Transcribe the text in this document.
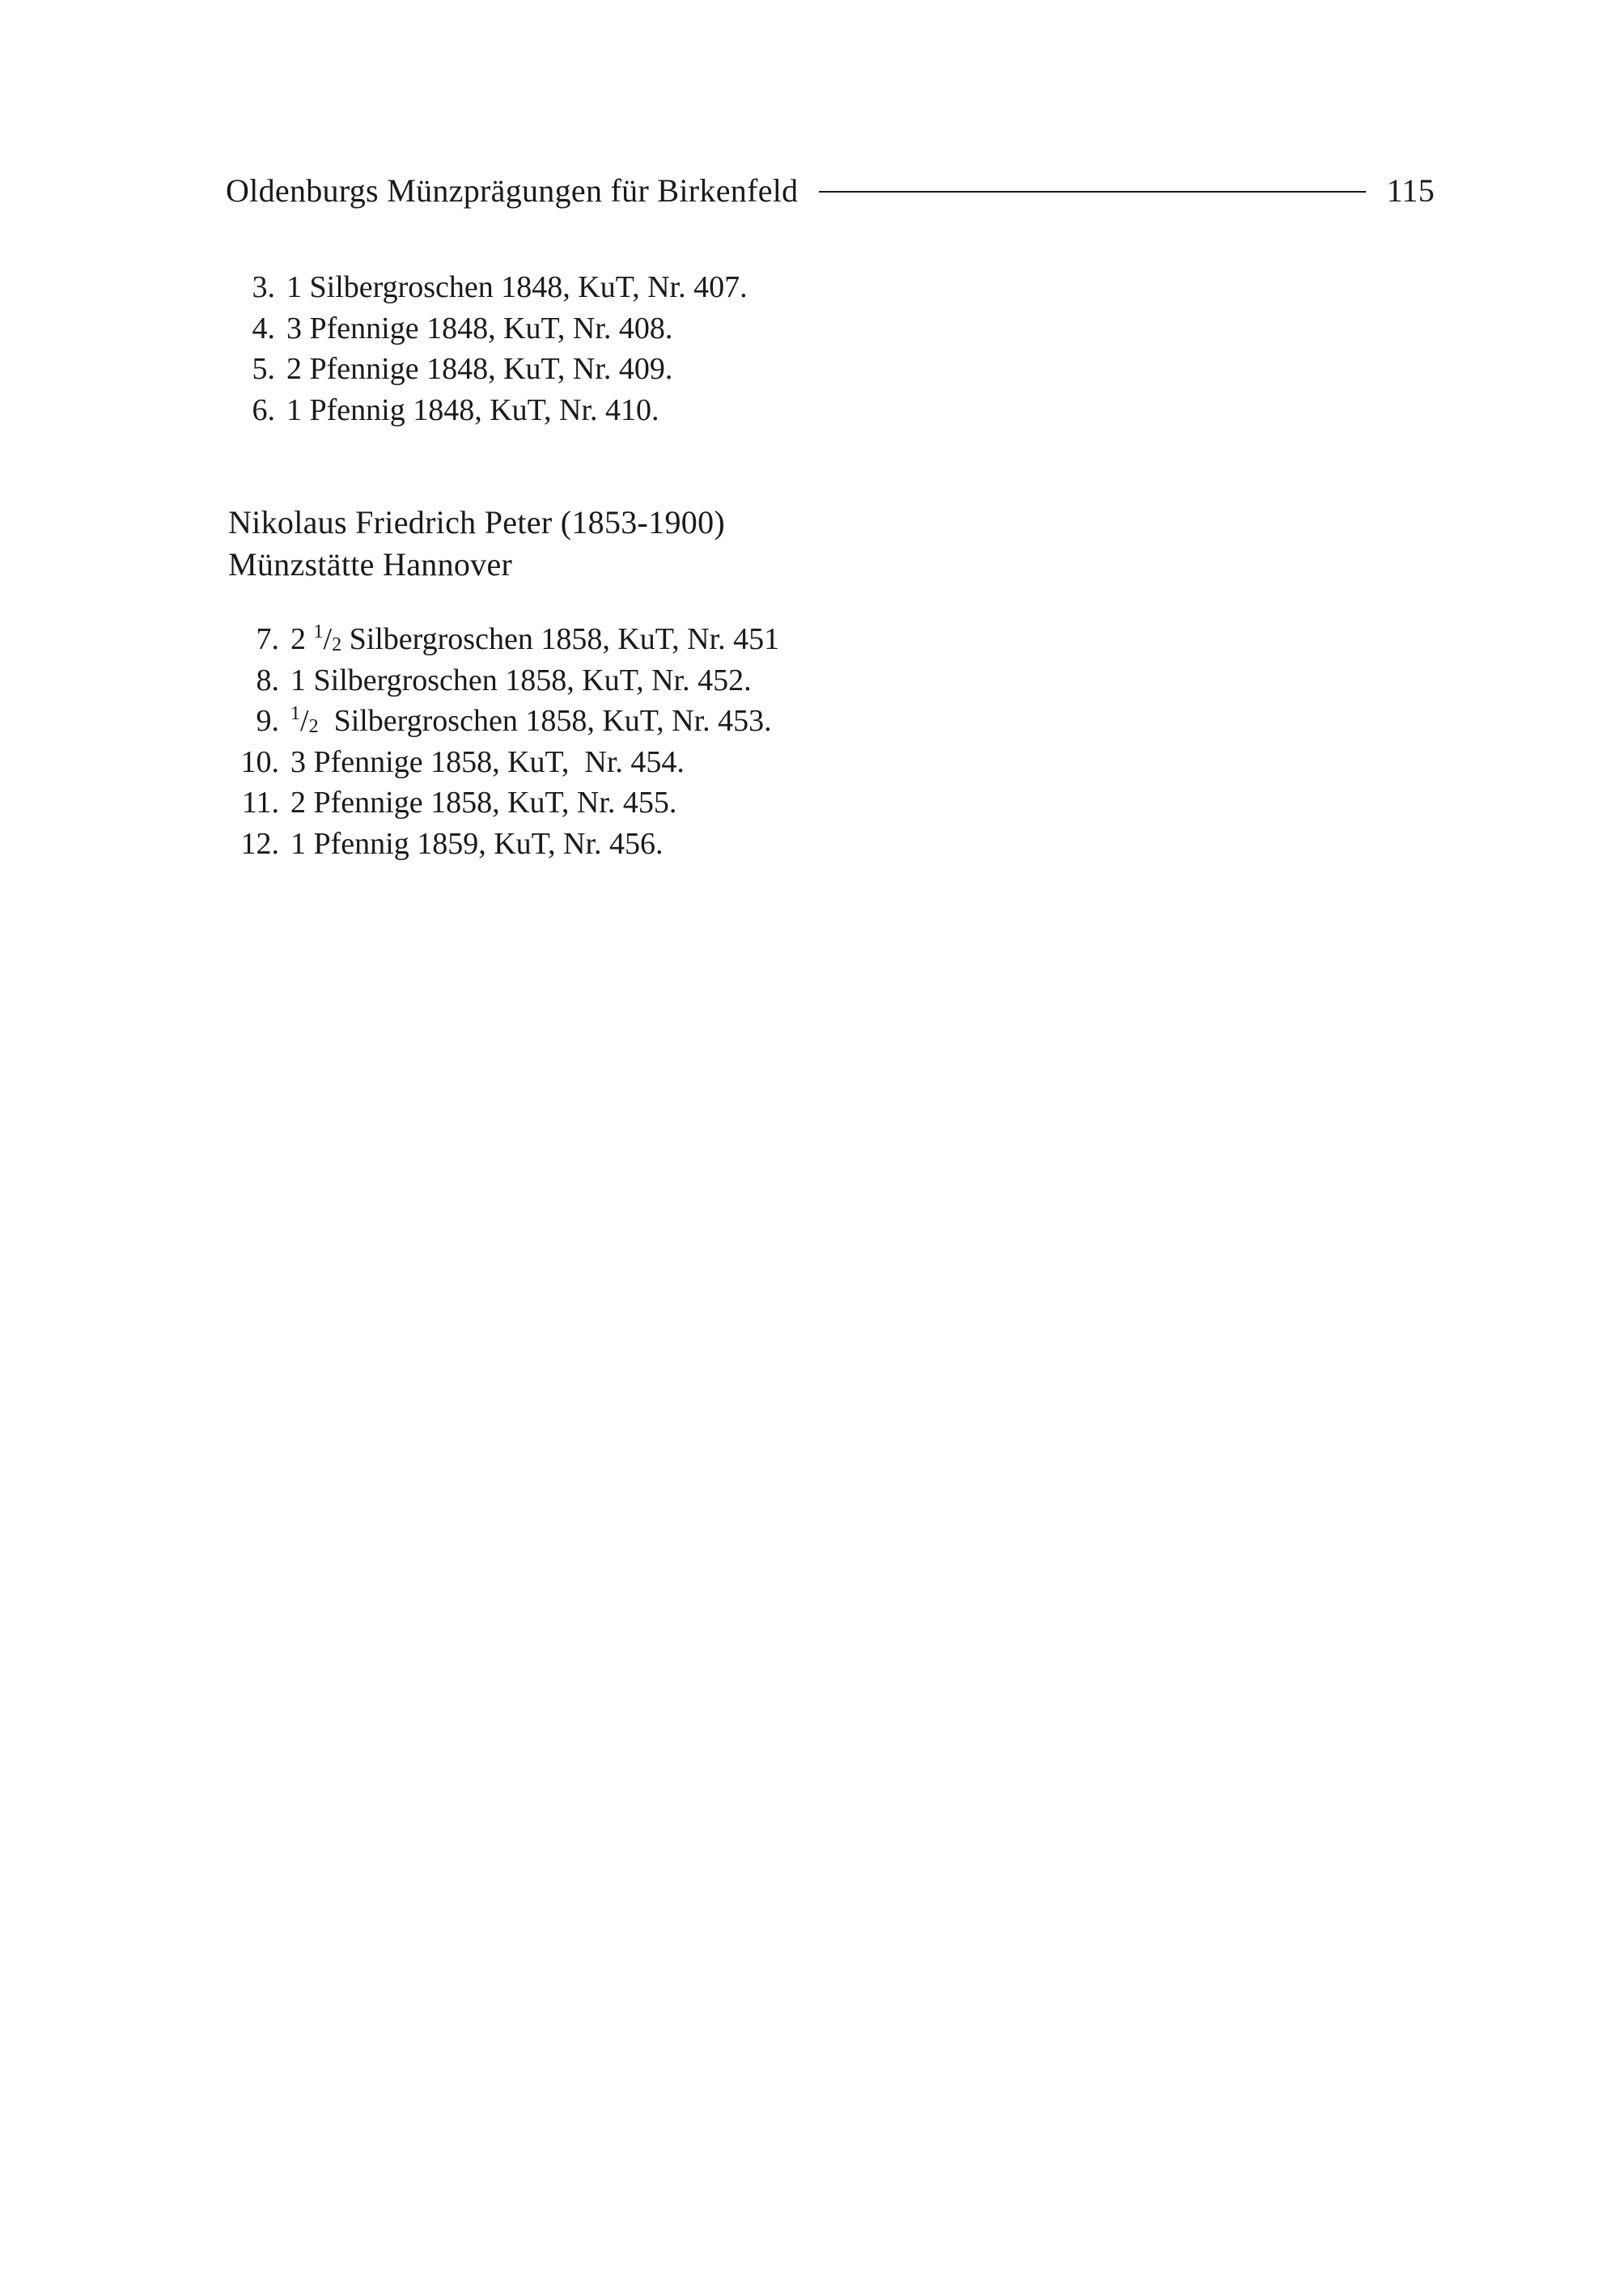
Oldenburgs Münzprägungen für Birkenfeld	115
3. 1 Silbergroschen 1848, KuT, Nr. 407.
4. 3 Pfennige 1848, KuT, Nr. 408.
5. 2 Pfennige 1848, KuT, Nr. 409.
6. 1 Pfennig 1848, KuT, Nr. 410.
Nikolaus Friedrich Peter (1853-1900)
Münzstätte Hannover
7. 2 $^1/_2$ Silbergroschen 1858, KuT, Nr. 451
8. 1 Silbergroschen 1858, KuT, Nr. 452.
9. $^1/_2$ Silbergroschen 1858, KuT, Nr. 453.
10. 3 Pfennige 1858, KuT,  Nr. 454.
11. 2 Pfennige 1858, KuT, Nr. 455.
12. 1 Pfennig 1859, KuT, Nr. 456.
